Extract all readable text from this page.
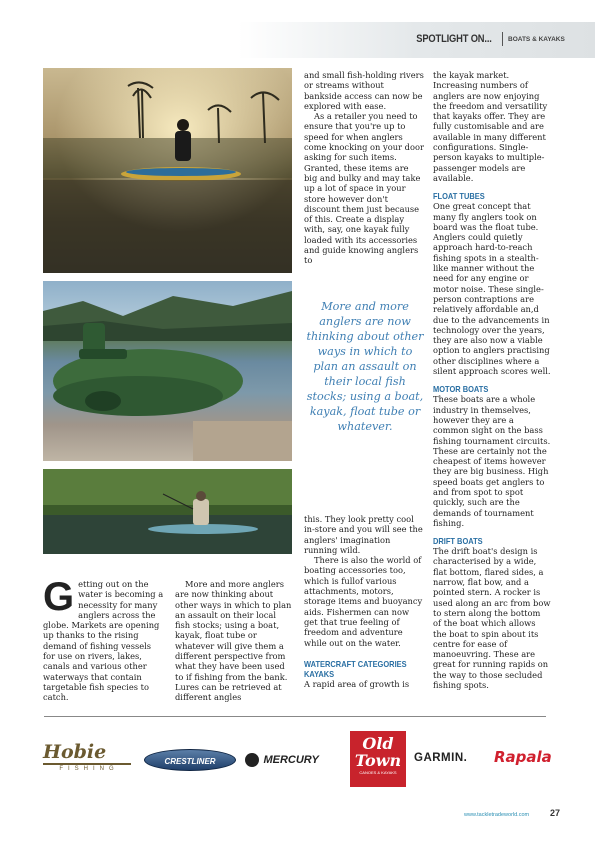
SPOTLIGHT ON... BOATS & KAYAKS

Getting out on the water is becoming a necessity for many anglers across the globe. Markets are opening up thanks to the rising demand of fishing vessels for use on rivers, lakes, canals and various other waterways that contain targetable fish species to catch.

More and more anglers are now thinking about other ways in which to plan an assault on their local fish stocks; using a boat, kayak, float tube or whatever will give them a different perspective from what they have been used to if fishing from the bank. Lures can be retrieved at different angles

and small fish-holding rivers or streams without bankside access can now be explored with ease.

As a retailer you need to ensure that you're up to speed for when anglers come knocking on your door asking for such items. Granted, these items are big and bulky and may take up a lot of space in your store however don't discount them just because of this. Create a display with, say, one kayak fully loaded with its accessories and guide knowing anglers to

More and more anglers are now thinking about other ways in which to plan an assault on their local fish stocks; using a boat, kayak, float tube or whatever.

this. They look pretty cool in-store and you will see the anglers' imagination running wild.

There is also the world of boating accessories too, which is fullof various attachments, motors, storage items and buoyancy aids. Fishermen can now get that true feeling of freedom and adventure while out on the water.

WATERCRAFT CATEGORIES
KAYAKS

A rapid area of growth is

the kayak market. Increasing numbers of anglers are now enjoying the freedom and versatility that kayaks offer. They are fully customisable and are available in many different configurations. Single-person kayaks to multiple-passenger models are available.

FLOAT TUBES

One great concept that many fly anglers took on board was the float tube. Anglers could quietly approach hard-to-reach fishing spots in a stealth-like manner without the need for any engine or motor noise. These single-person contraptions are relatively affordable an,d due to the advancements in technology over the years, they are also now a viable option to anglers practising other disciplines where a silent approach scores well.

MOTOR BOATS

These boats are a whole industry in themselves, however they are a common sight on the bass fishing tournament circuits. These are certainly not the cheapest of items however they are big business. High speed boats get anglers to and from spot to spot quickly, such are the demands of tournament fishing.

DRIFT BOATS

The drift boat's design is characterised by a wide, flat bottom, flared sides, a narrow, flat bow, and a pointed stern. A rocker is used along an arc from bow to stern along the bottom of the boat which allows the boat to spin about its centre for ease of manoeuvring. These are great for running rapids on the way to those secluded fishing spots.

Hobie
FISHING
CRESTLINER	MERCURY
Old
Town
CANOES & KAYAKS
GARMIN.	Rapala
www.tackletradeworld.com 27
